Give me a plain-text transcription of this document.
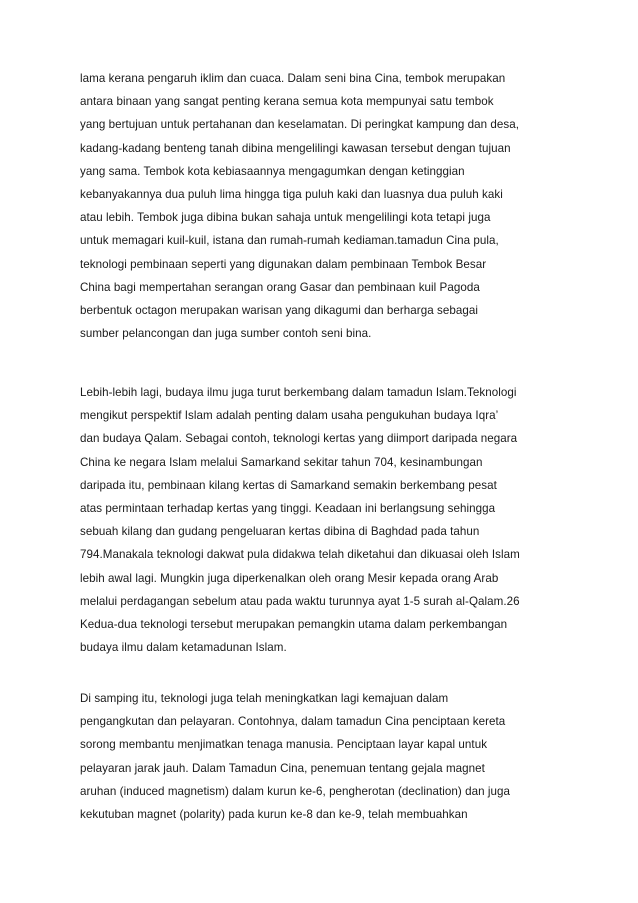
lama kerana pengaruh iklim dan cuaca. Dalam seni bina Cina, tembok merupakan
antara binaan yang sangat penting kerana semua kota mempunyai satu tembok
yang bertujuan untuk pertahanan dan keselamatan. Di peringkat kampung dan desa,
kadang-kadang benteng tanah dibina mengelilingi kawasan tersebut dengan tujuan
yang sama. Tembok kota kebiasaannya mengagumkan dengan ketinggian
kebanyakannya dua puluh lima hingga tiga puluh kaki dan luasnya dua puluh kaki
atau lebih. Tembok juga dibina bukan sahaja untuk mengelilingi kota tetapi juga
untuk memagari kuil-kuil, istana dan rumah-rumah kediaman.tamadun Cina pula,
teknologi pembinaan seperti yang digunakan dalam pembinaan Tembok Besar
China bagi mempertahan serangan orang Gasar dan pembinaan kuil Pagoda
berbentuk octagon merupakan warisan yang dikagumi dan berharga sebagai
sumber pelancongan dan juga sumber contoh seni bina.
Lebih-lebih lagi, budaya ilmu juga turut berkembang dalam tamadun Islam.Teknologi
mengikut perspektif Islam adalah penting dalam usaha pengukuhan budaya Iqra’
dan budaya Qalam. Sebagai contoh, teknologi kertas yang diimport daripada negara
China ke negara Islam melalui Samarkand sekitar tahun 704, kesinambungan
daripada itu, pembinaan kilang kertas di Samarkand semakin berkembang pesat
atas permintaan terhadap kertas yang tinggi. Keadaan ini berlangsung sehingga
sebuah kilang dan gudang pengeluaran kertas dibina di Baghdad pada tahun
794.Manakala teknologi dakwat pula didakwa telah diketahui dan dikuasai oleh Islam
lebih awal lagi. Mungkin juga diperkenalkan oleh orang Mesir kepada orang Arab
melalui perdagangan sebelum atau pada waktu turunnya ayat 1-5 surah al-Qalam.26
Kedua-dua teknologi tersebut merupakan pemangkin utama dalam perkembangan
budaya ilmu dalam ketamadunan Islam.
Di samping itu, teknologi juga telah meningkatkan lagi kemajuan dalam
pengangkutan dan pelayaran. Contohnya, dalam tamadun Cina penciptaan kereta
sorong membantu menjimatkan tenaga manusia. Penciptaan layar kapal untuk
pelayaran jarak jauh. Dalam Tamadun Cina, penemuan tentang gejala magnet
aruhan (induced magnetism) dalam kurun ke-6, pengherotan (declination) dan juga
kekutuban magnet (polarity) pada kurun ke-8 dan ke-9, telah membuahkan
